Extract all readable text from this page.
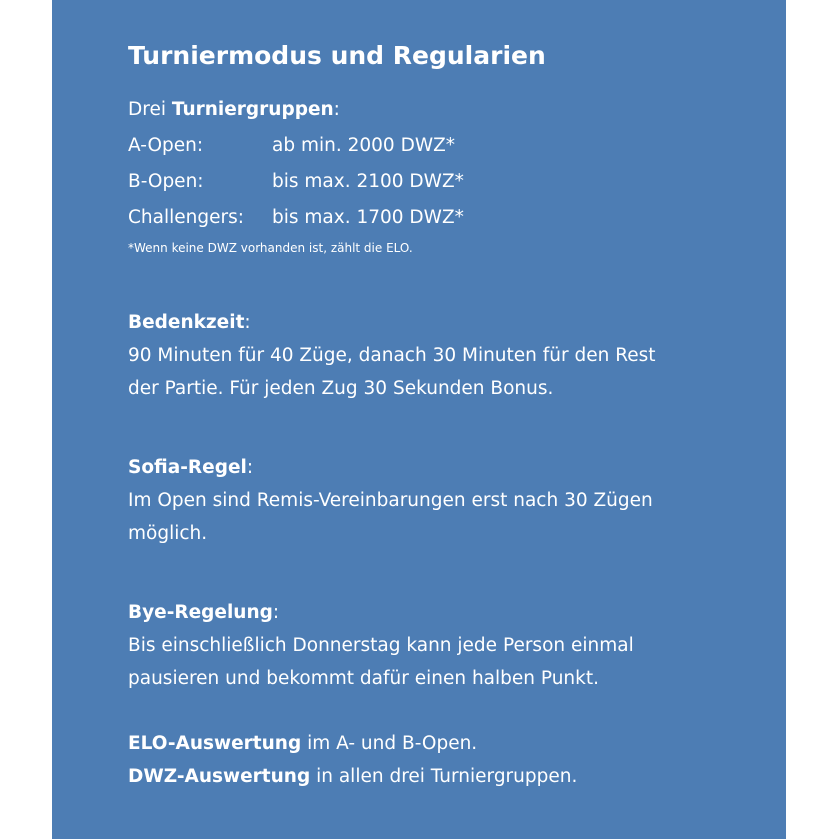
Turniermodus und Regularien
Drei Turniergruppen:
A-Open:	ab min. 2000 DWZ*
B-Open:	bis max. 2100 DWZ*
Challengers:	bis max. 1700 DWZ*
*Wenn keine DWZ vorhanden ist, zählt die ELO.
Bedenkzeit:
90 Minuten für 40 Züge, danach 30 Minuten für den Rest
der Partie. Für jeden Zug 30 Sekunden Bonus.
Sofia-Regel:
Im Open sind Remis-Vereinbarungen erst nach 30 Zügen
möglich.
Bye-Regelung:
Bis einschließlich Donnerstag kann jede Person einmal
pausieren und bekommt dafür einen halben Punkt.
ELO-Auswertung im A- und B-Open.
DWZ-Auswertung in allen drei Turniergruppen.
